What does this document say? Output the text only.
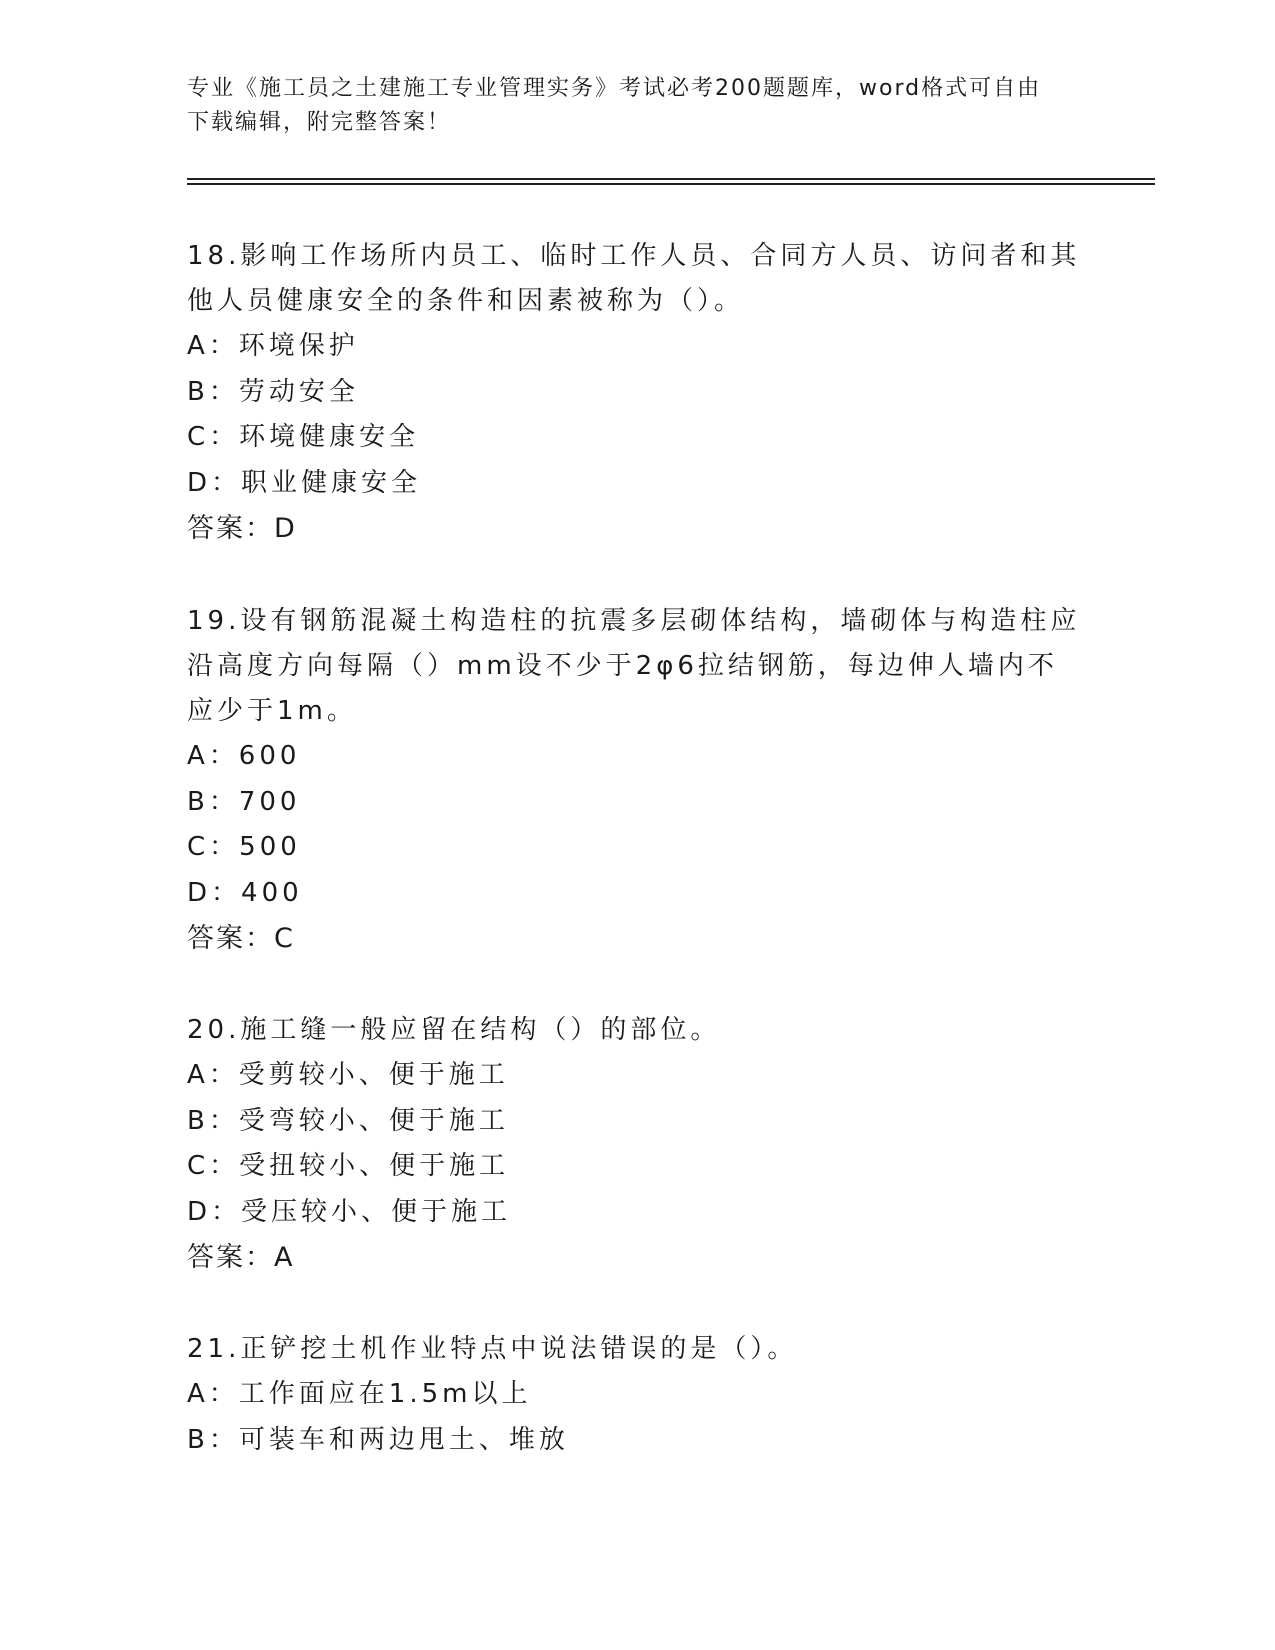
专业《施工员之土建施工专业管理实务》考试必考200题题库，word格式可自由
下载编辑，附完整答案！

18.影响工作场所内员工、临时工作人员、合同方人员、访问者和其他人员健康安全的条件和因素被称为（）。

A：环境保护

B：劳动安全

C：环境健康安全

D：职业健康安全

答案：D

19.设有钢筋混凝土构造柱的抗震多层砌体结构，墙砌体与构造柱应沿高度方向每隔（）mm设不少于2φ6拉结钢筋，每边伸人墙内不应少于1m。

A：600

B：700

C：500

D：400

答案：C

20.施工缝一般应留在结构（）的部位。

A：受剪较小、便于施工

B：受弯较小、便于施工

C：受扭较小、便于施工

D：受压较小、便于施工

答案：A

21.正铲挖土机作业特点中说法错误的是（）。

A：工作面应在1.5m以上

B：可装车和两边甩土、堆放
